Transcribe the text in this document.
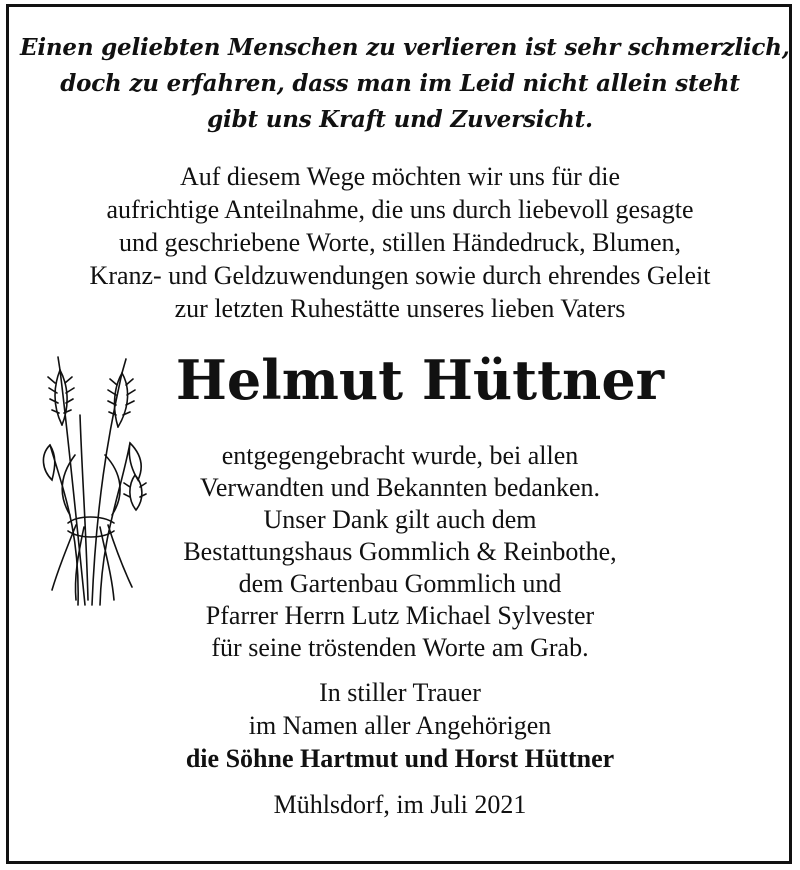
Einen geliebten Menschen zu verlieren ist sehr schmerzlich,
doch zu erfahren, dass man im Leid nicht allein steht
gibt uns Kraft und Zuversicht.
Auf diesem Wege möchten wir uns für die
aufrichtige Anteilnahme, die uns durch liebevoll gesagte
und geschriebene Worte, stillen Händedruck, Blumen,
Kranz- und Geldzuwendungen sowie durch ehrendes Geleit
zur letzten Ruhestätte unseres lieben Vaters
Helmut Hüttner
entgegengebracht wurde, bei allen
Verwandten und Bekannten bedanken.
Unser Dank gilt auch dem
Bestattungshaus Gommlich & Reinbothe,
dem Gartenbau Gommlich und
Pfarrer Herrn Lutz Michael Sylvester
für seine tröstenden Worte am Grab.
In stiller Trauer
im Namen aller Angehörigen
die Söhne Hartmut und Horst Hüttner
Mühlsdorf, im Juli 2021
